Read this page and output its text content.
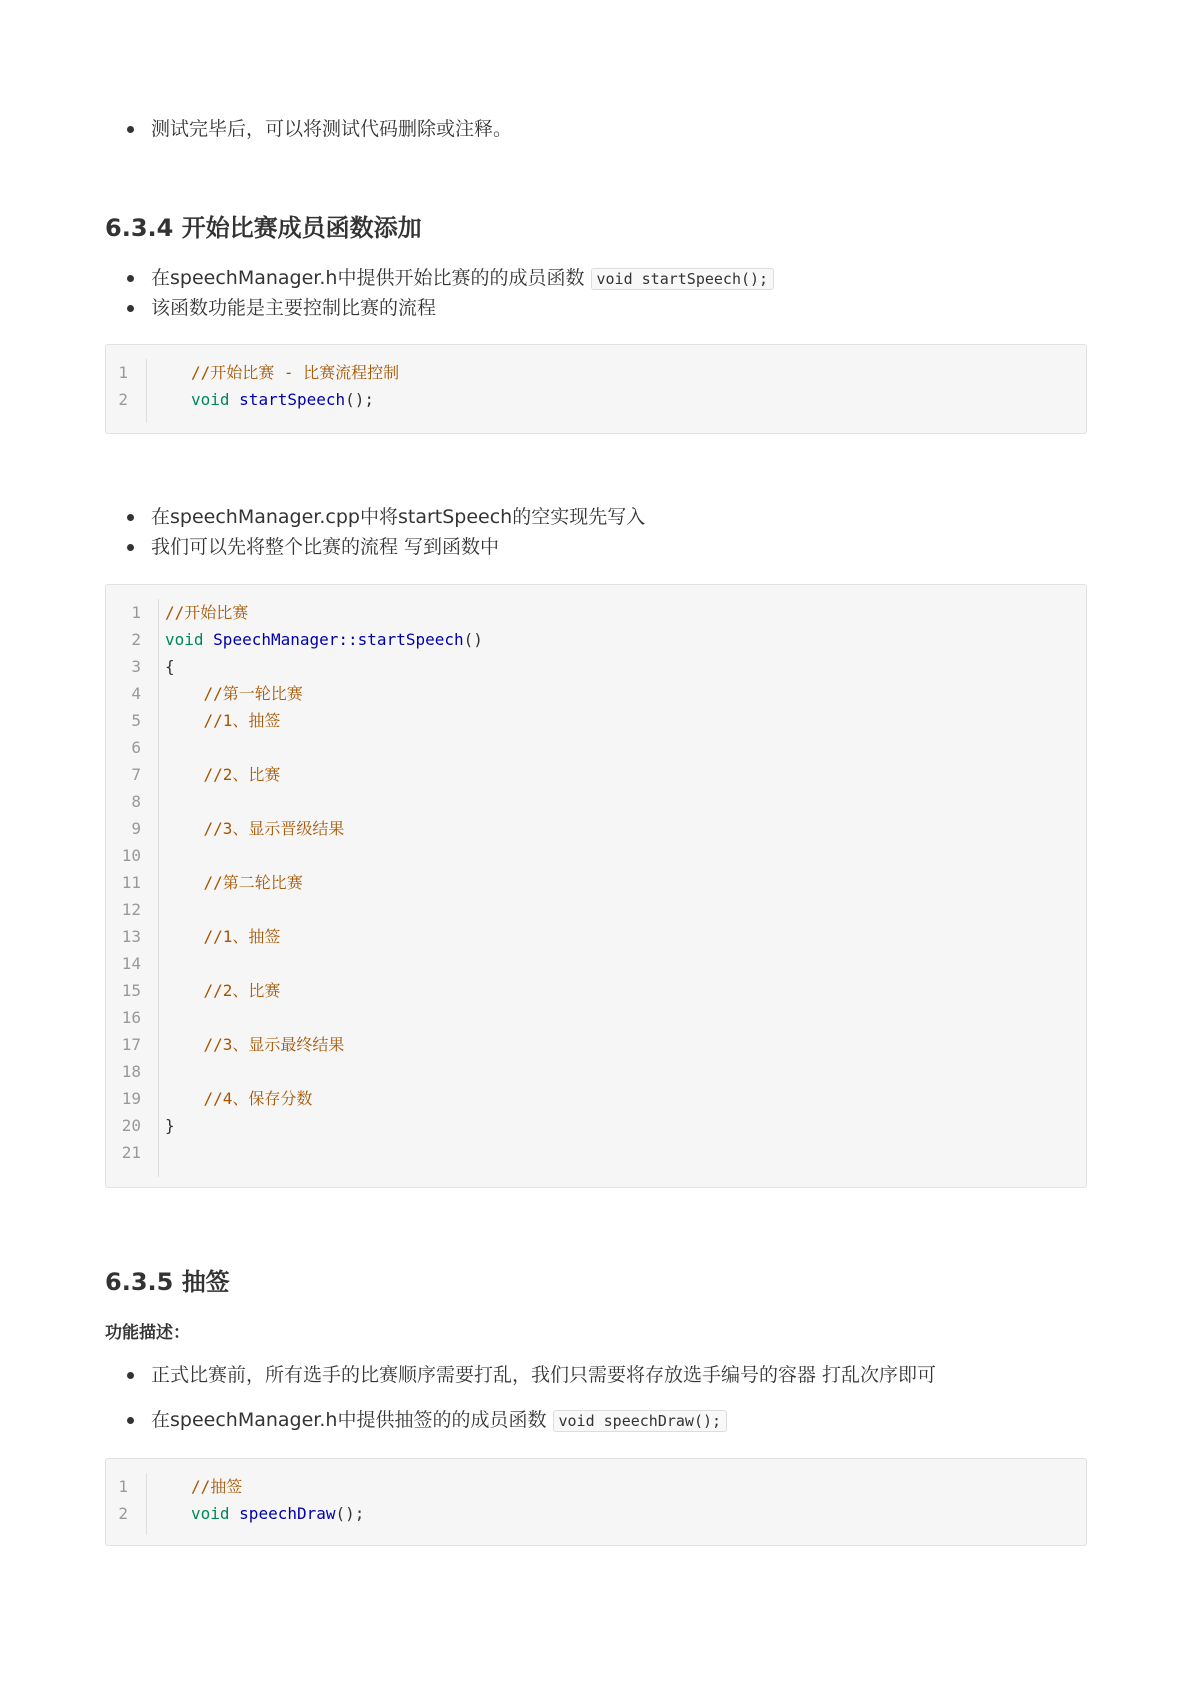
测试完毕后，可以将测试代码删除或注释。
6.3.4 开始比赛成员函数添加
在speechManager.h中提供开始比赛的的成员函数 void startSpeech();
该函数功能是主要控制比赛的流程
1	//开始比赛 - 比赛流程控制
2	void startSpeech();
在speechManager.cpp中将startSpeech的空实现先写入
我们可以先将整个比赛的流程 写到函数中
1 //开始比赛
2 void SpeechManager::startSpeech()
3 {
4 //第一轮比赛
5 //1、抽签
6
7 //2、比赛
8
9 //3、显示晋级结果
10
11 //第二轮比赛
12
13 //1、抽签
14
15 //2、比赛
16
17 //3、显示最终结果
18
19 //4、保存分数
20 }
21
6.3.5 抽签

功能描述：

正式比赛前，所有选手的比赛顺序需要打乱，我们只需要将存放选手编号的容器 打乱次序即可
在speechManager.h中提供抽签的的成员函数 void speechDraw();
1	//抽签
2	void speechDraw();
